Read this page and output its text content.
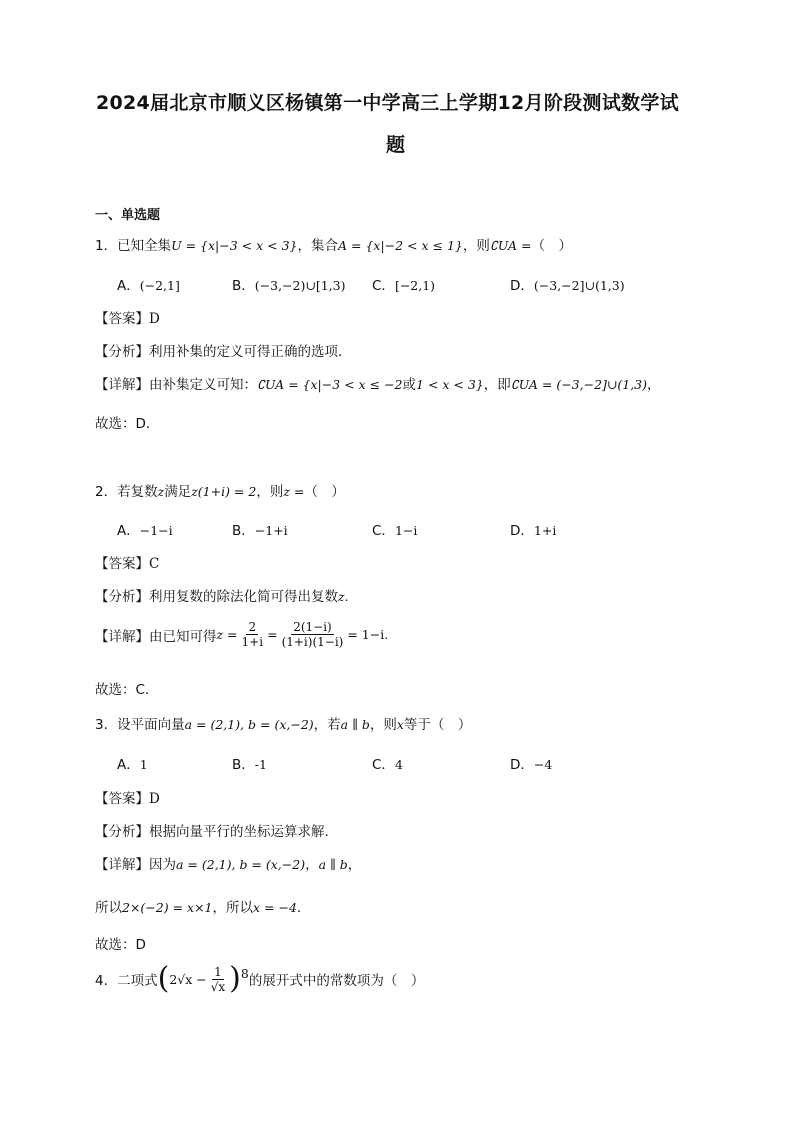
2024届北京市顺义区杨镇第一中学高三上学期12月阶段测试数学试
题
一、单选题
1．已知全集U = {x|−3 < x < 3}，集合A = {x|−2 < x ≤ 1}，则∁UA =（　）
A．(−2,1]	B．(−3,−2)∪[1,3) C．[−2,1)	D．(−3,−2]∪(1,3)
【答案】D
【分析】利用补集的定义可得正确的选项．
【详解】由补集定义可知：∁UA = {x|−3 < x ≤ −2或1 < x < 3}，即∁UA = (−3,−2]∪(1,3)，
故选：D．
2．若复数z满足z(1+i) = 2，则z =（　）
A．−1−i	B．−1+i	C．1−i	D．1+i
【答案】C
【分析】利用复数的除法化简可得出复数z.
【详解】 由已知可得 $z = \frac{2}{1+i} = \frac{2(1-i)}{(1+i)(1-i)} = 1-i$.
故选：C.
3．设平面向量a = (2,1), b = (x,−2)，若a ∥ b，则x等于（　）
A．1	B．-1	C．4	D．−4
【答案】D
【分析】根据向量平行的坐标运算求解.
【详解】因为a = (2,1), b = (x,−2)，a ∥ b，
所以2×(−2) = x×1，所以x = −4.
故选：D
4．二项式 ( $2√x - \frac{1}{√x}$ ) 8 的展开式中的常数项为（　）
